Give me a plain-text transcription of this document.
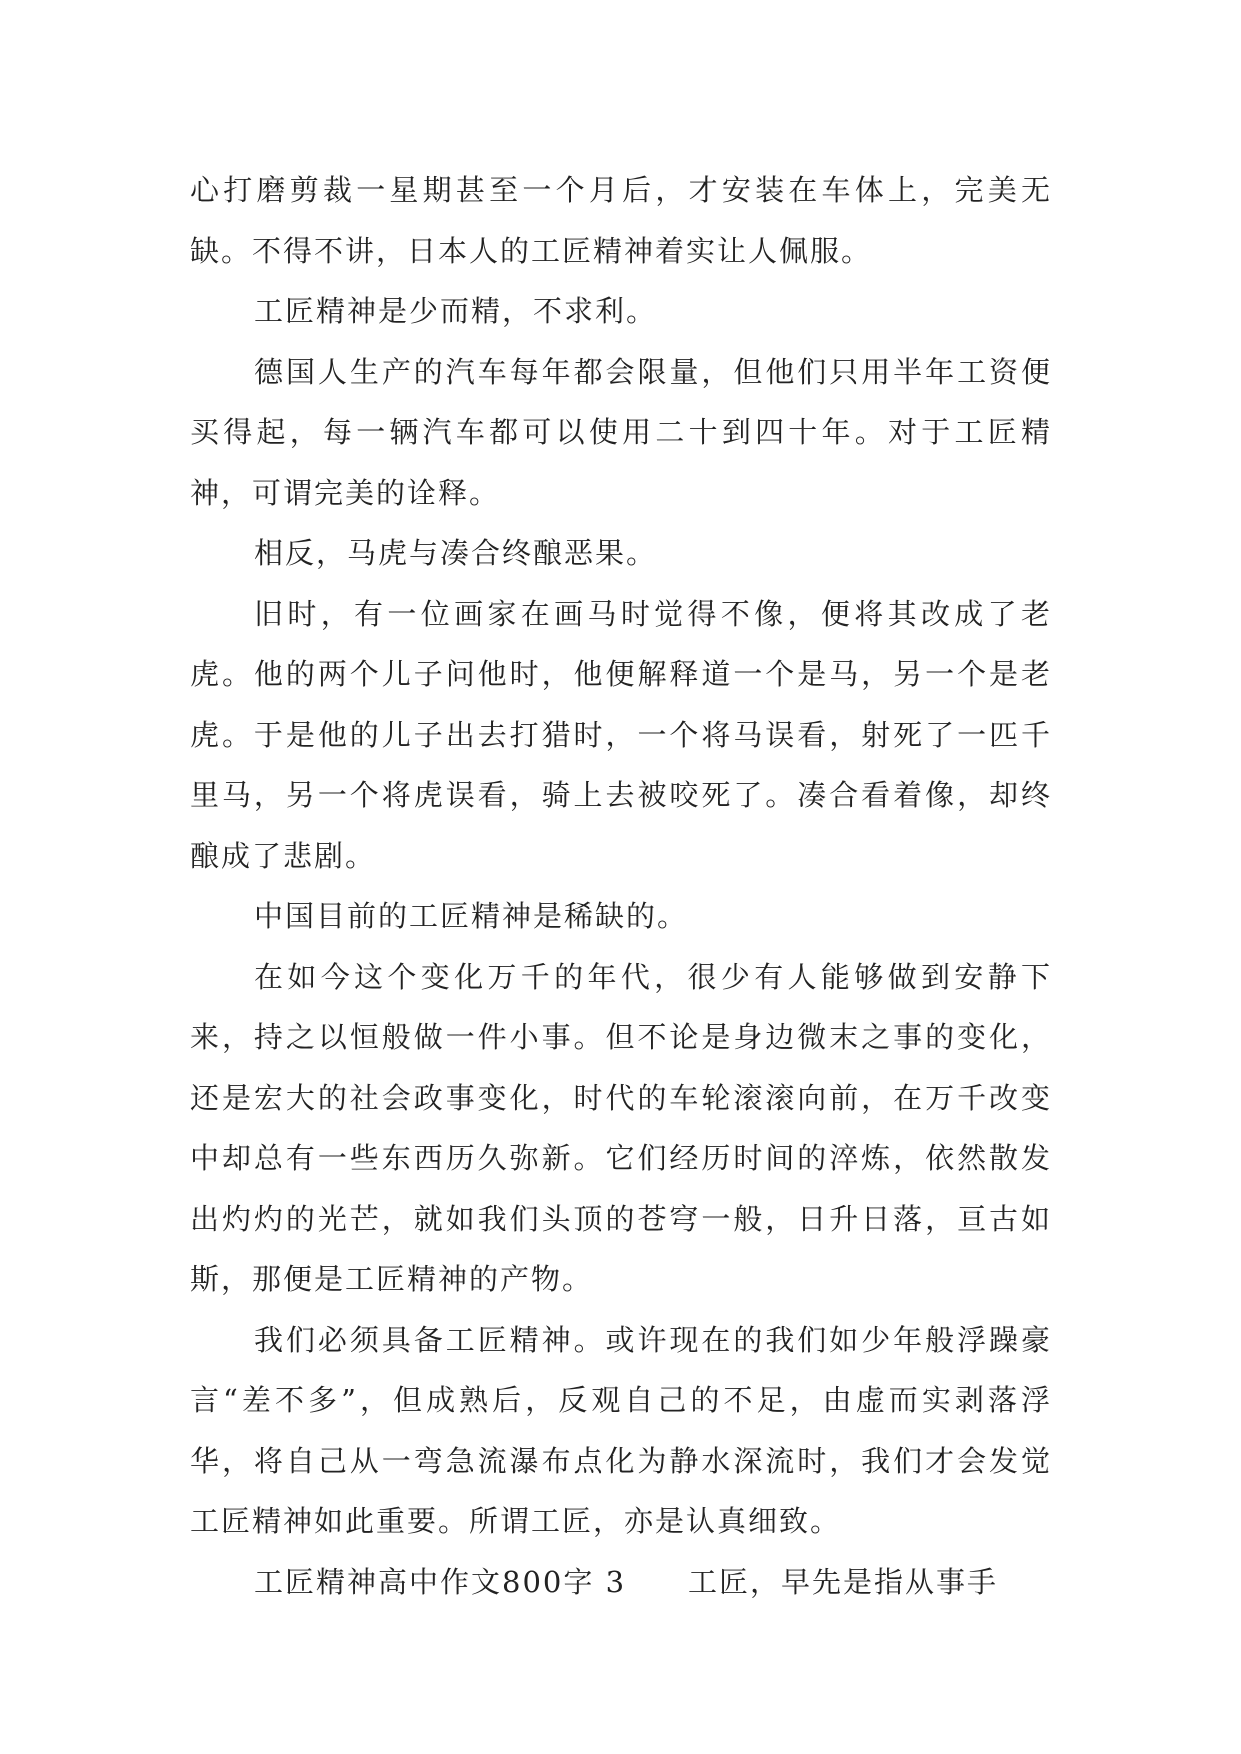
心打磨剪裁一星期甚至一个月后，才安装在车体上，完美无缺。不得不讲，日本人的工匠精神着实让人佩服。

工匠精神是少而精，不求利。

德国人生产的汽车每年都会限量，但他们只用半年工资便买得起，每一辆汽车都可以使用二十到四十年。对于工匠精神，可谓完美的诠释。

相反，马虎与凑合终酿恶果。

旧时，有一位画家在画马时觉得不像，便将其改成了老虎。他的两个儿子问他时，他便解释道一个是马，另一个是老虎。于是他的儿子出去打猎时，一个将马误看，射死了一匹千里马，另一个将虎误看，骑上去被咬死了。凑合看着像，却终酿成了悲剧。

中国目前的工匠精神是稀缺的。

在如今这个变化万千的年代，很少有人能够做到安静下来，持之以恒般做一件小事。但不论是身边微末之事的变化，还是宏大的社会政事变化，时代的车轮滚滚向前，在万千改变中却总有一些东西历久弥新。它们经历时间的淬炼，依然散发出灼灼的光芒，就如我们头顶的苍穹一般，日升日落，亘古如斯，那便是工匠精神的产物。

我们必须具备工匠精神。或许现在的我们如少年般浮躁豪言“差不多”，但成熟后，反观自己的不足，由虚而实剥落浮华，将自己从一弯急流瀑布点化为静水深流时，我们才会发觉工匠精神如此重要。所谓工匠，亦是认真细致。

工匠精神高中作文800字 3　　工匠，早先是指从事手
